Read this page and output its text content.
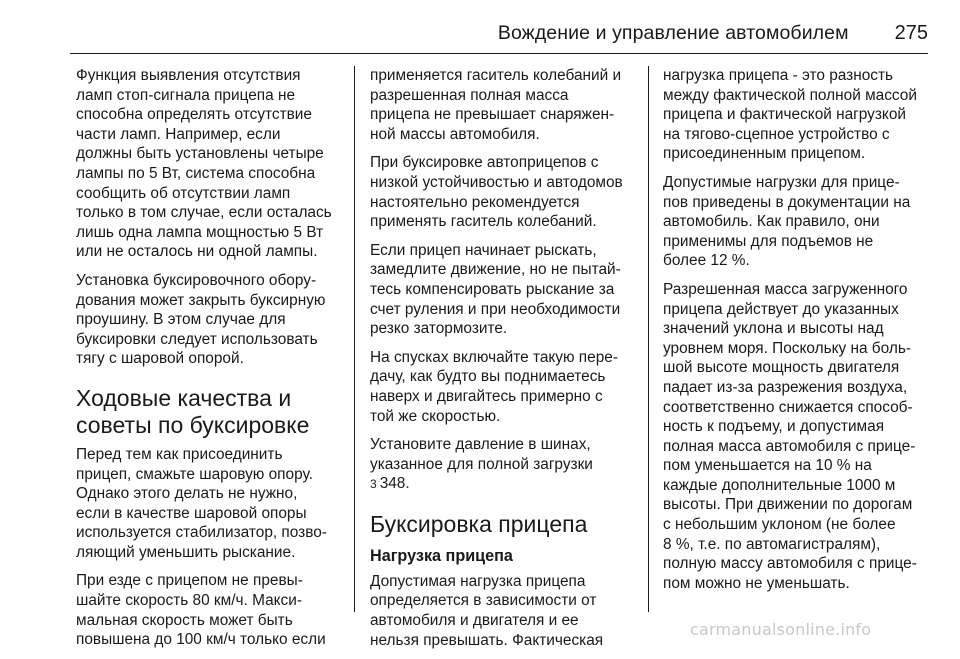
Вождение и управление автомобилем 275

Функция выявления отсутствия
ламп стоп-сигнала прицепа не
способна определять отсутствие
части ламп. Например, если
должны быть установлены четыре
лампы по 5 Вт, система способна
сообщить об отсутствии ламп
только в том случае, если осталась
лишь одна лампа мощностью 5 Вт
или не осталось ни одной лампы.

Установка буксировочного обору-
дования может закрыть буксирную
проушину. В этом случае для
буксировки следует использовать
тягу с шаровой опорой.

Ходовые качества и
советы по буксировке

Перед тем как присоединить
прицеп, смажьте шаровую опору.
Однако этого делать не нужно,
если в качестве шаровой опоры
используется стабилизатор, позво-
ляющий уменьшить рыскание.

При езде с прицепом не превы-
шайте скорость 80 км/ч. Макси-
мальная скорость может быть
повышена до 100 км/ч только если

применяется гаситель колебаний и
разрешенная полная масса
прицепа не превышает снаряжен-
ной массы автомобиля.

При буксировке автоприцепов с
низкой устойчивостью и автодомов
настоятельно рекомендуется
применять гаситель колебаний.

Если прицеп начинает рыскать,
замедлите движение, но не пытай-
тесь компенсировать рыскание за
счет руления и при необходимости
резко затормозите.

На спусках включайте такую пере-
дачу, как будто вы поднимаетесь
наверх и двигайтесь примерно с
той же скоростью.

Установите давление в шинах,
указанное для полной загрузки
3 348.

Буксировка прицепа
Нагрузка прицепа

Допустимая нагрузка прицепа
определяется в зависимости от
автомобиля и двигателя и ее
нельзя превышать. Фактическая

нагрузка прицепа - это разность
между фактической полной массой
прицепа и фактической нагрузкой
на тягово-сцепное устройство с
присоединенным прицепом.

Допустимые нагрузки для прице-
пов приведены в документации на
автомобиль. Как правило, они
применимы для подъемов не
более 12 %.

Разрешенная масса загруженного
прицепа действует до указанных
значений уклона и высоты над
уровнем моря. Поскольку на боль-
шой высоте мощность двигателя
падает из-за разрежения воздуха,
соответственно снижается способ-
ность к подъему, и допустимая
полная масса автомобиля с прице-
пом уменьшается на 10 % на
каждые дополнительные 1000 м
высоты. При движении по дорогам
с небольшим уклоном (не более
8 %, т.е. по автомагистралям),
полную массу автомобиля с прице-
пом можно не уменьшать.

carmanualsonline.info
